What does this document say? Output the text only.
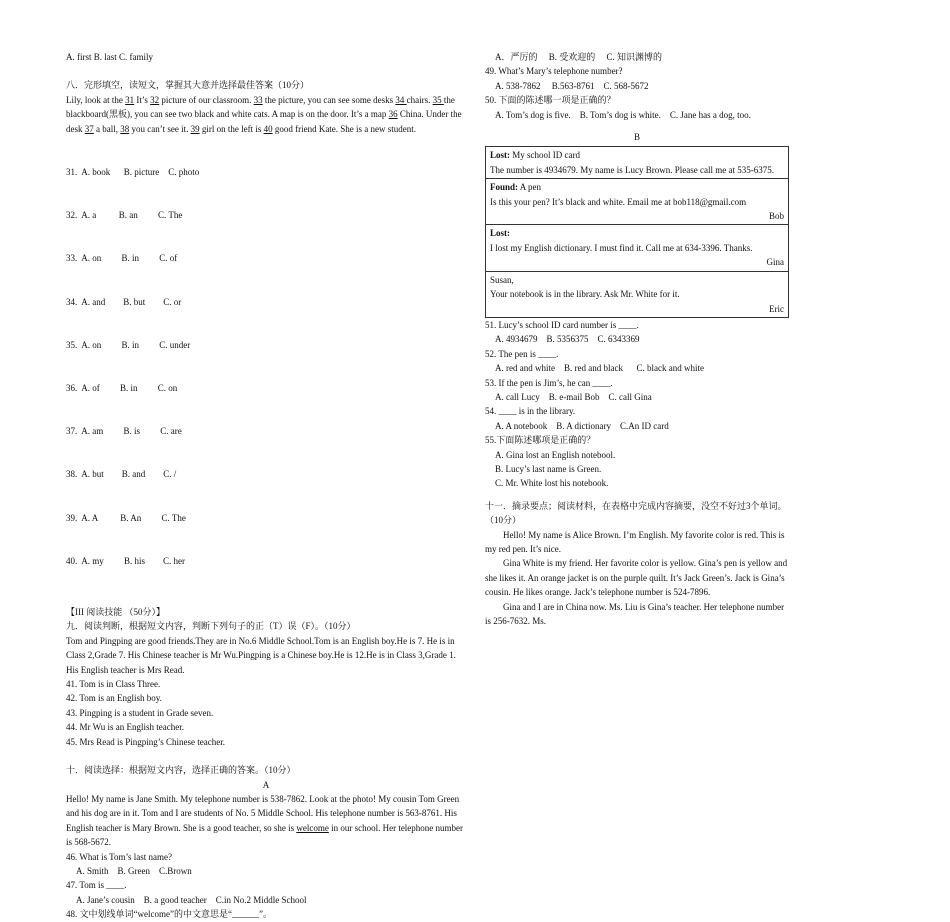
A. first B. last C. family

八．完形填空，读短文，掌握其大意并选择最佳答案（10分）

Lily, look at the 31 It’s 32 picture of our classroom. 33 the picture, you can see some desks 34 chairs. 35 the blackboard(黑板), you can see two black and white cats. A map is on the door. It’s a map 36 China. Under the desk 37 a ball, 38 you can’t see it. 39 girl on the left is 40 good friend Kate. She is a new student.

31.  A. book      B. picture    C. photo

32.  A. a          B. an         C. The

33.  A. on         B. in         C. of

34.  A. and        B. but        C. or

35.  A. on         B. in         C. under

36.  A. of         B. in         C. on

37.  A. am         B. is         C. are

38.  A. but        B. and        C. /

39.  A. A          B. An         C. The

40.  A. my         B. his        C. her

【III 阅读技能 （50分）】

九．阅读判断，根据短文内容，判断下列句子的正（T）误（F）。（10分）

Tom and Pingping are good friends.They are in No.6 Middle School.Tom is an English boy.He is 7. He is in Class 2,Grade 7. His Chinese teacher is Mr Wu.Pingping is a Chinese boy.He is 12.He is in Class 3,Grade 1. His English teacher is Mrs Read.

41. Tom is in Class Three.

42. Tom is an English boy.

43. Pingping is a student in Grade seven.

44. Mr Wu is an English teacher.

45. Mrs Read is Pingping’s Chinese teacher.

十．阅读选择：根据短文内容，选择正确的答案。（10分）

A

Hello! My name is Jane Smith. My telephone number is 538-7862. Look at the photo! My cousin Tom Green and his dog are in it. Tom and I are students of No. 5 Middle School. His telephone number is 563-8761. His English teacher is Mary Brown. She is a good teacher, so she is welcome in our school. Her telephone number is 568-5672.

46. What is Tom’s last name?

A. Smith    B. Green    C.Brown

47. Tom is ____.

A. Jane’s cousin    B. a good teacher    C.in No.2 Middle School

48. 文中划线单词“welcome”的中文意思是“______”。

A．严厉的     B. 受欢迎的     C. 知识渊博的

49. What’s Mary’s telephone number?

A. 538-7862     B.563-8761    C. 568-5672

50. 下面的陈述哪一项是正确的？

A. Tom’s dog is five.    B. Tom’s dog is white.    C. Jane has a dog, too.

B

Lost: My school ID card

The number is 4934679. My name is Lucy Brown. Please call me at 535-6375.

Found: A pen

Is this your pen? It’s black and white. Email me at bob118@gmail.com

Bob

Lost:

I lost my English dictionary. I must find it. Call me at 634-3396. Thanks.

Gina

Susan,

Your notebook is in the library. Ask Mr. White for it.

Eric

51. Lucy’s school ID card number is ____.

A. 4934679    B. 5356375    C. 6343369

52. The pen is ____.

A. red and white    B. red and black      C. black and white

53. If the pen is Jim’s, he can ____.

A. call Lucy    B. e-mail Bob    C. call Gina

54. ____ is in the library.

A. A notebook    B. A dictionary    C.An ID card

55.下面陈述哪项是正确的？

A. Gina lost an English notebool.

B. Lucy’s last name is Green.

C. Mr. White lost his notebook.

十一．摘录要点；阅读材料，在表格中完成内容摘要，没空不好过3个单词。（10分）

Hello! My name is Alice Brown. I’m English. My favorite color is red. This is my red pen. It’s nice.

Gina White is my friend. Her favorite color is yellow. Gina’s pen is yellow and she likes it. An orange jacket is on the purple quilt. It’s Jack Green’s. Jack is Gina’s cousin. He likes orange. Jack’s telephone number is 524-7896.

Gina and I are in China now. Ms. Liu is Gina’s teacher. Her telephone number is 256-7632. Ms.
